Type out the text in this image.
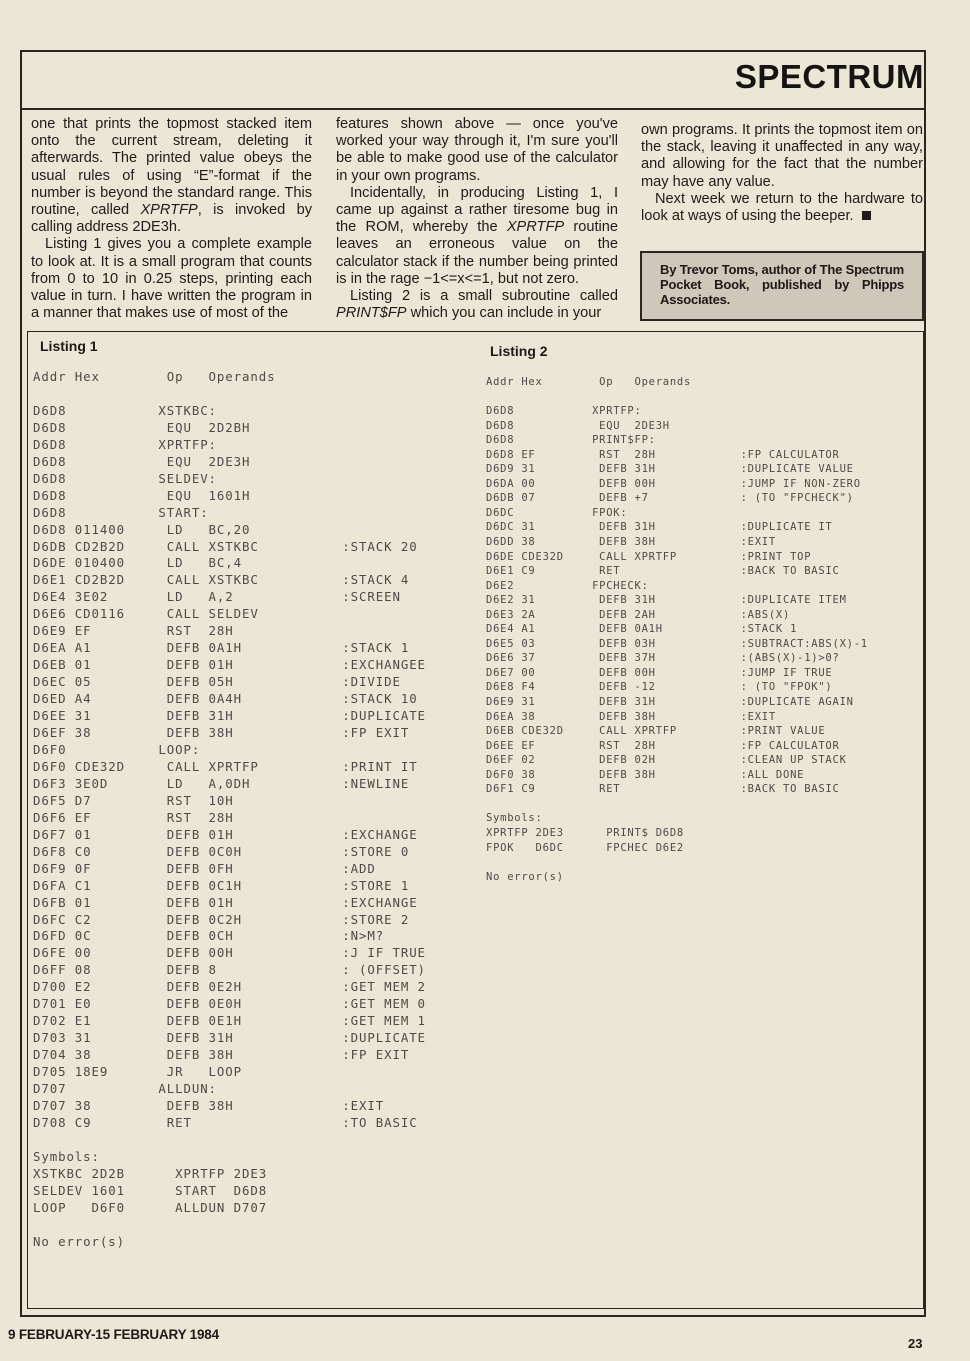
SPECTRUM

one that prints the topmost stacked item onto the current stream, deleting it afterwards. The printed value obeys the usual rules of using “E”-format if the number is beyond the standard range. This routine, called XPRTFP, is invoked by calling address 2DE3h.

Listing 1 gives you a complete example to look at. It is a small program that counts from 0 to 10 in 0.25 steps, printing each value in turn. I have written the program in a manner that makes use of most of the

features shown above — once you've worked your way through it, I'm sure you'll be able to make good use of the calculator in your own programs.

Incidentally, in producing Listing 1, I came up against a rather tiresome bug in the ROM, whereby the XPRTFP routine leaves an erroneous value on the calculator stack if the number being printed is in the rage −1<=x<=1, but not zero.

Listing 2 is a small subroutine called PRINT$FP which you can include in your

own programs. It prints the topmost item on the stack, leaving it unaffected in any way, and allowing for the fact that the number may have any value.

Next week we return to the hardware to look at ways of using the beeper.

By Trevor Toms, author of The Spectrum Pocket Book, published by Phipps Associates.
Listing 1
Addr Hex        Op   Operands

D6D8           XSTKBC:
D6D8            EQU  2D2BH
D6D8           XPRTFP:
D6D8            EQU  2DE3H
D6D8           SELDEV:
D6D8            EQU  1601H
D6D8           START:
D6D8 011400     LD   BC,20
D6DB CD2B2D     CALL XSTKBC          :STACK 20
D6DE 010400     LD   BC,4
D6E1 CD2B2D     CALL XSTKBC          :STACK 4
D6E4 3E02       LD   A,2             :SCREEN
D6E6 CD0116     CALL SELDEV
D6E9 EF         RST  28H
D6EA A1         DEFB 0A1H            :STACK 1
D6EB 01         DEFB 01H             :EXCHANGEE
D6EC 05         DEFB 05H             :DIVIDE
D6ED A4         DEFB 0A4H            :STACK 10
D6EE 31         DEFB 31H             :DUPLICATE
D6EF 38         DEFB 38H             :FP EXIT
D6F0           LOOP:
D6F0 CDE32D     CALL XPRTFP          :PRINT IT
D6F3 3E0D       LD   A,0DH           :NEWLINE
D6F5 D7         RST  10H
D6F6 EF         RST  28H
D6F7 01         DEFB 01H             :EXCHANGE
D6F8 C0         DEFB 0C0H            :STORE 0
D6F9 0F         DEFB 0FH             :ADD
D6FA C1         DEFB 0C1H            :STORE 1
D6FB 01         DEFB 01H             :EXCHANGE
D6FC C2         DEFB 0C2H            :STORE 2
D6FD 0C         DEFB 0CH             :N>M?
D6FE 00         DEFB 00H             :J IF TRUE
D6FF 08         DEFB 8               : (OFFSET)
D700 E2         DEFB 0E2H            :GET MEM 2
D701 E0         DEFB 0E0H            :GET MEM 0
D702 E1         DEFB 0E1H            :GET MEM 1
D703 31         DEFB 31H             :DUPLICATE
D704 38         DEFB 38H             :FP EXIT
D705 18E9       JR   LOOP
D707           ALLDUN:
D707 38         DEFB 38H             :EXIT
D708 C9         RET                  :TO BASIC

Symbols:
XSTKBC 2D2B      XPRTFP 2DE3
SELDEV 1601      START  D6D8
LOOP   D6F0      ALLDUN D707

No error(s)
Listing 2
Addr Hex        Op   Operands

D6D8           XPRTFP:
D6D8            EQU  2DE3H
D6D8           PRINT$FP:
D6D8 EF         RST  28H            :FP CALCULATOR
D6D9 31         DEFB 31H            :DUPLICATE VALUE
D6DA 00         DEFB 00H            :JUMP IF NON-ZERO
D6DB 07         DEFB +7             : (TO "FPCHECK")
D6DC           FPOK:
D6DC 31         DEFB 31H            :DUPLICATE IT
D6DD 38         DEFB 38H            :EXIT
D6DE CDE32D     CALL XPRTFP         :PRINT TOP
D6E1 C9         RET                 :BACK TO BASIC
D6E2           FPCHECK:
D6E2 31         DEFB 31H            :DUPLICATE ITEM
D6E3 2A         DEFB 2AH            :ABS(X)
D6E4 A1         DEFB 0A1H           :STACK 1
D6E5 03         DEFB 03H            :SUBTRACT:ABS(X)-1
D6E6 37         DEFB 37H            :(ABS(X)-1)>0?
D6E7 00         DEFB 00H            :JUMP IF TRUE
D6E8 F4         DEFB -12            : (TO "FPOK")
D6E9 31         DEFB 31H            :DUPLICATE AGAIN
D6EA 38         DEFB 38H            :EXIT
D6EB CDE32D     CALL XPRTFP         :PRINT VALUE
D6EE EF         RST  28H            :FP CALCULATOR
D6EF 02         DEFB 02H            :CLEAN UP STACK
D6F0 38         DEFB 38H            :ALL DONE
D6F1 C9         RET                 :BACK TO BASIC

Symbols:
XPRTFP 2DE3      PRINT$ D6D8
FPOK   D6DC      FPCHEC D6E2

No error(s)
9 FEBRUARY-15 FEBRUARY 1984
23
